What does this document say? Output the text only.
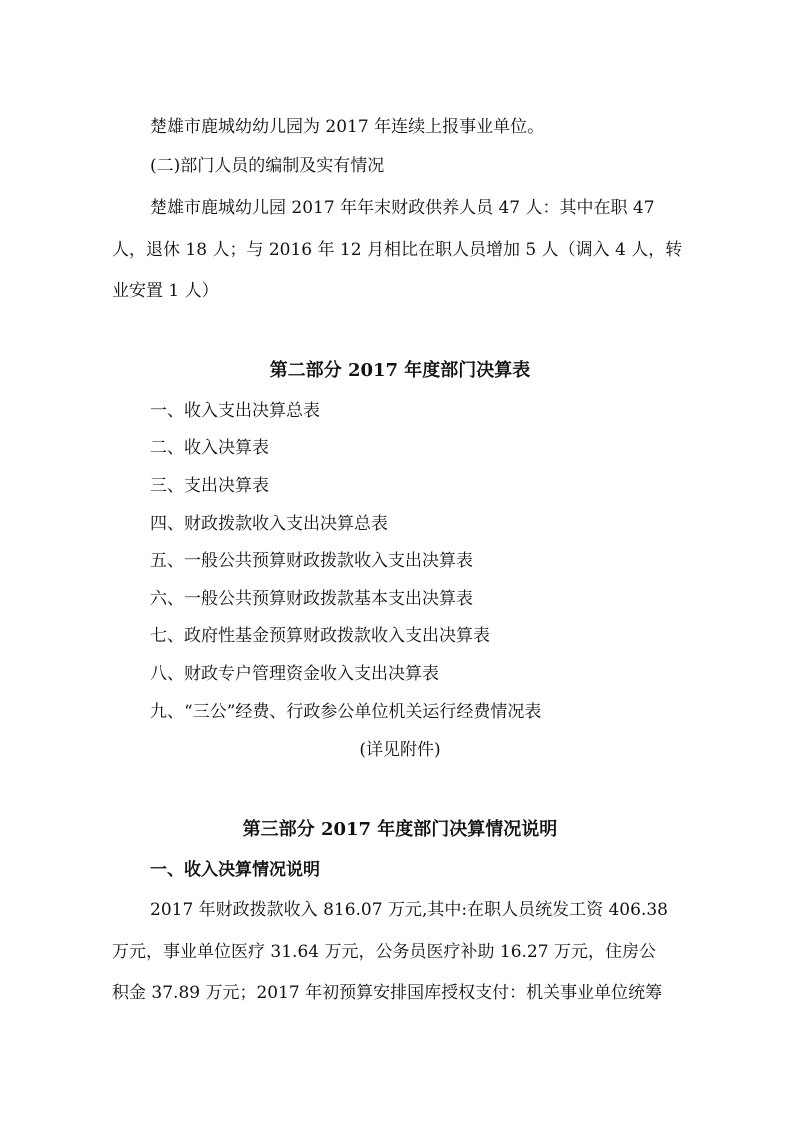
楚雄市鹿城幼幼儿园为 2017 年连续上报事业单位。
(二)部门人员的编制及实有情况
楚雄市鹿城幼儿园 2017 年年末财政供养人员 47 人：其中在职 47
人，退休 18 人；与 2016 年 12 月相比在职人员增加 5 人（调入 4 人，转
业安置 1 人）
第二部分 2017 年度部门决算表
一、收入支出决算总表
二、收入决算表
三、支出决算表
四、财政拨款收入支出决算总表
五、一般公共预算财政拨款收入支出决算表
六、一般公共预算财政拨款基本支出决算表
七、政府性基金预算财政拨款收入支出决算表
八、财政专户管理资金收入支出决算表
九、“三公”经费、行政参公单位机关运行经费情况表
(详见附件)
第三部分 2017 年度部门决算情况说明
一、收入决算情况说明
2017 年财政拨款收入 816.07 万元,其中:在职人员统发工资 406.38
万元，事业单位医疗 31.64 万元，公务员医疗补助 16.27 万元，住房公
积金 37.89 万元；2017 年初预算安排国库授权支付：机关事业单位统筹
